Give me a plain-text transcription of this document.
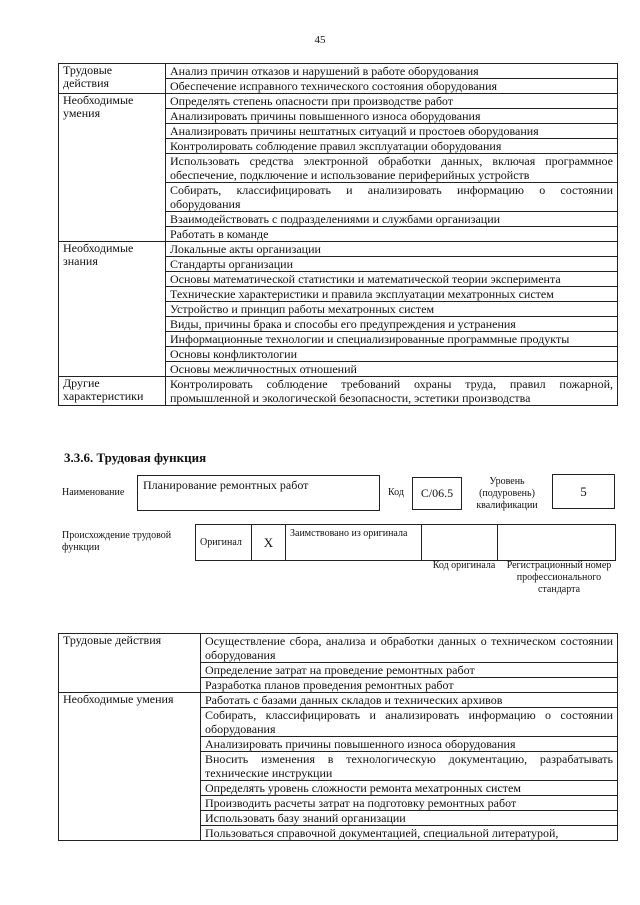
45
Трудовые действия	Анализ причин отказов и нарушений в работе оборудования
	Обеспечение исправного технического состояния оборудования
Необходимые умения	Определять степень опасности при производстве работ
	Анализировать причины повышенного износа оборудования
	Анализировать причины нештатных ситуаций и простоев оборудования
	Контролировать соблюдение правил эксплуатации оборудования
	Использовать средства электронной обработки данных, включая программное обеспечение, подключение и использование периферийных устройств
	Собирать, классифицировать и анализировать информацию о состоянии оборудования
	Взаимодействовать с подразделениями и службами организации
	Работать в команде
Необходимые знания	Локальные акты организации
	Стандарты организации
	Основы математической статистики и математической теории эксперимента
	Технические характеристики и правила эксплуатации мехатронных систем
	Устройство и принцип работы мехатронных систем
	Виды, причины брака и способы его предупреждения и устранения
	Информационные технологии и специализированные программные продукты
	Основы конфликтологии
	Основы межличностных отношений
Другие характеристики	Контролировать соблюдение требований охраны труда, правил пожарной, промышленной и экологической безопасности, эстетики производства
3.3.6. Трудовая функция
Наименование
Планирование ремонтных работ
Код	С/06.5
Уровень (подуровень) квалификации
5
Происхождение трудовой функции	Оригинал	X	Заимствовано из оригинала		
Код оригинала	Регистрационный номер профессионального стандарта
Трудовые действия	Осуществление сбора, анализа и обработки данных о техническом состоянии оборудования
	Определение затрат на проведение ремонтных работ
	Разработка планов проведения ремонтных работ
Необходимые умения	Работать с базами данных складов и технических архивов
	Собирать, классифицировать и анализировать информацию о состоянии оборудования
	Анализировать причины повышенного износа оборудования
	Вносить изменения в технологическую документацию, разрабатывать технические инструкции
	Определять уровень сложности ремонта мехатронных систем
	Производить расчеты затрат на подготовку ремонтных работ
	Использовать базу знаний организации
	Пользоваться справочной документацией, специальной литературой,
